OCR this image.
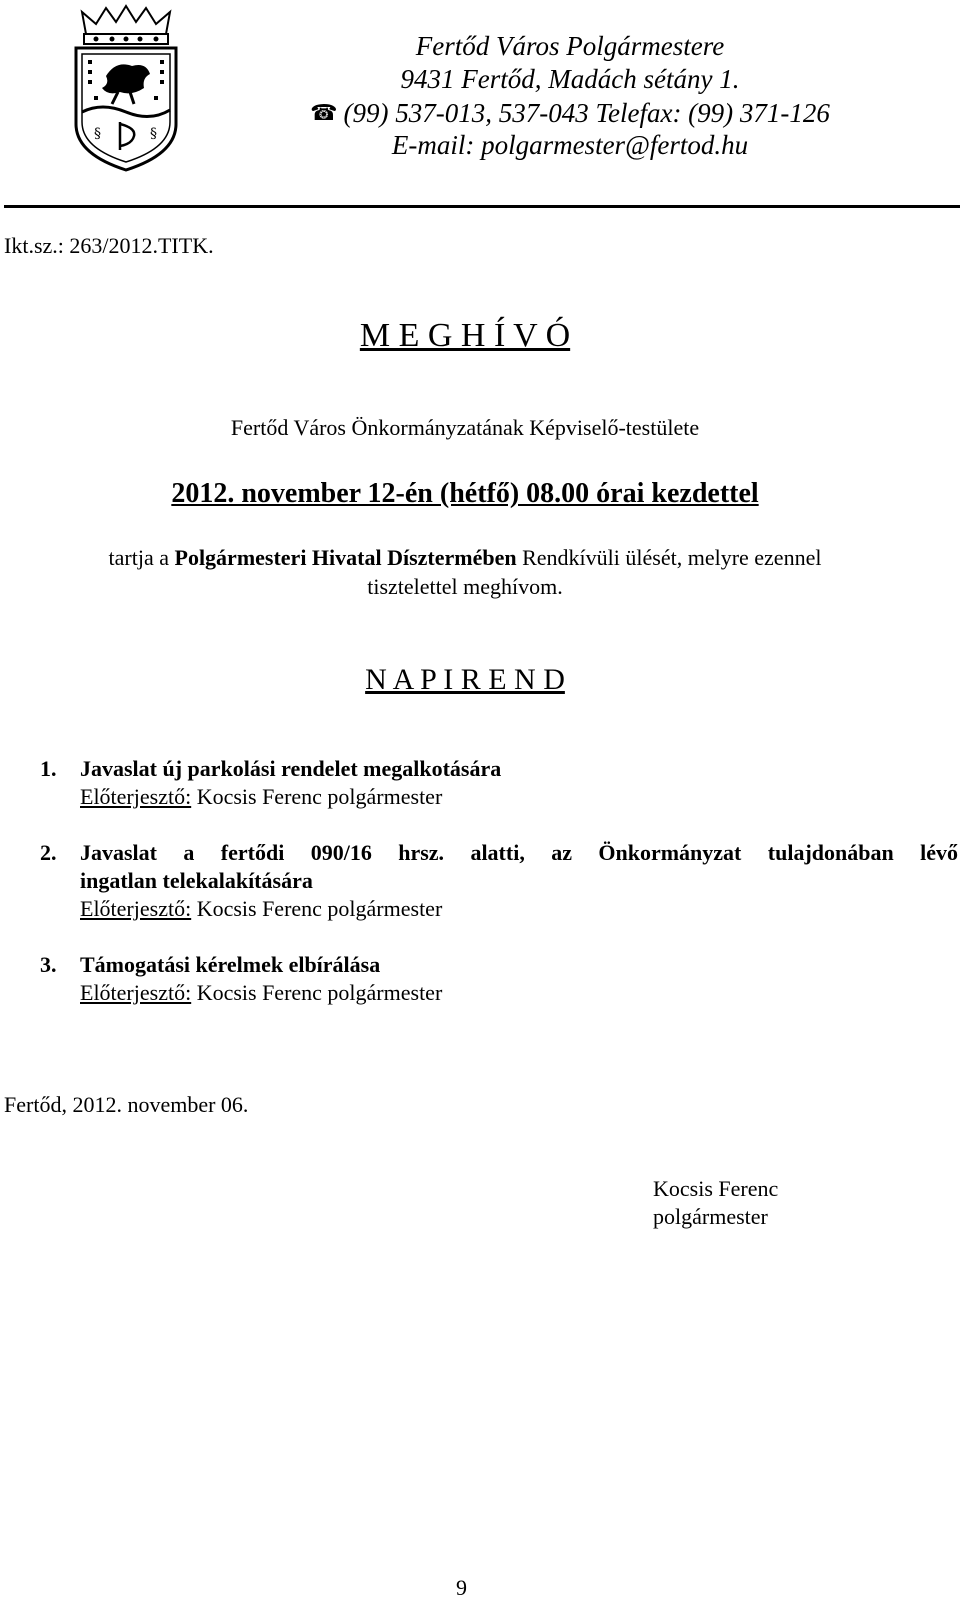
§	§
Fertőd Város Polgármestere
9431 Fertőd, Madách sétány 1.
☎ (99) 537-013, 537-043 Telefax: (99) 371-126
E-mail: polgarmester@fertod.hu
Ikt.sz.: 263/2012.TITK.
M E G H Í V Ó
Fertőd Város Önkormányzatának Képviselő-testülete
2012. november 12-én (hétfő) 08.00 órai kezdettel
tartja a Polgármesteri Hivatal Dísztermében Rendkívüli ülését, melyre ezennel
tisztelettel meghívom.
N A P I R E N D
1. Javaslat új parkolási rendelet megalkotására
Előterjesztő: Kocsis Ferenc polgármester
2. Javaslat a fertődi 090/16 hrsz. alatti, az Önkormányzat tulajdonában lévő
ingatlan telekalakítására
Előterjesztő: Kocsis Ferenc polgármester
3. Támogatási kérelmek elbírálása
Előterjesztő: Kocsis Ferenc polgármester
Fertőd, 2012. november 06.
Kocsis Ferenc
polgármester
9
